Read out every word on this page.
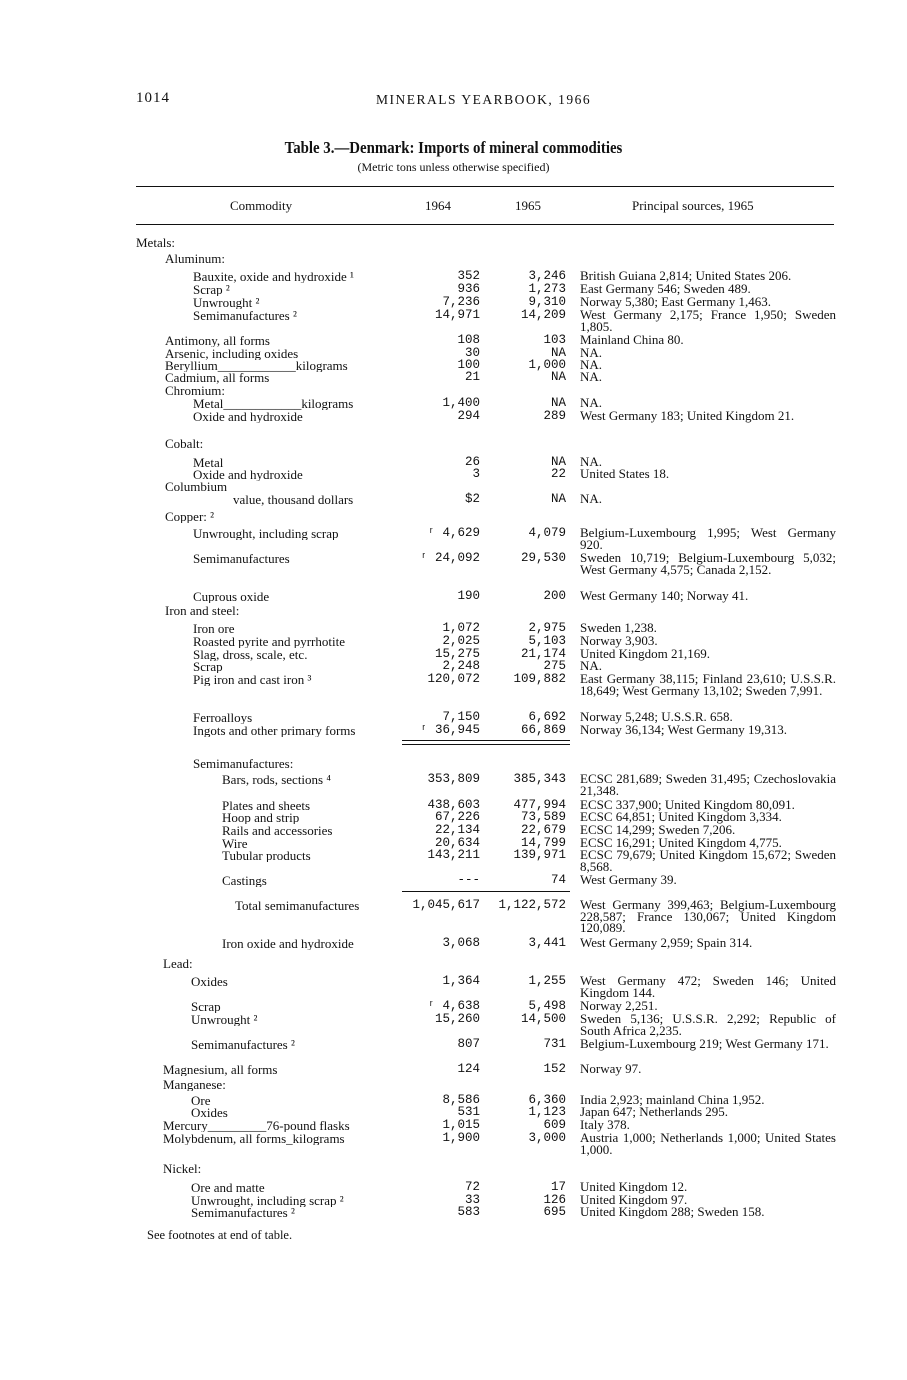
1014	MINERALS YEARBOOK, 1966
Table 3.—Denmark: Imports of mineral commodities
(Metric tons unless otherwise specified)
Commodity	1964	1965	Principal sources, 1965
Metals:
Aluminum:
Bauxite, oxide and hydroxide ¹	352	3,246 British Guiana 2,814; United States 206.
Scrap ²	936	1,273 East Germany 546; Sweden 489.
Unwrought ²	7,236	9,310 Norway 5,380; East Germany 1,463.
Semimanufactures ²	14,971	14,209 West Germany 2,175; France 1,950; Sweden 1,805.
Antimony, all forms	108	103 Mainland China 80.
Arsenic, including oxides	30	NA NA.
Beryllium____________kilograms	100	1,000 NA.
Cadmium, all forms	21	NA NA.
Chromium:
Metal____________kilograms	1,400	NA NA.
Oxide and hydroxide	294	289 West Germany 183; United Kingdom 21.
Cobalt:
Metal	26	NA NA.
Oxide and hydroxide	3	22 United States 18.
Columbium
value, thousand dollars	$2	NA NA.
Copper: ²
Unwrought, including scrap	ʳ 4,629	4,079 Belgium-Luxembourg 1,995; West Germany 920.
Semimanufactures	ʳ 24,092	29,530 Sweden 10,719; Belgium-Luxembourg 5,032; West Germany 4,575; Canada 2,152.
Cuprous oxide	190	200 West Germany 140; Norway 41.
Iron and steel:
Iron ore	1,072	2,975 Sweden 1,238.
Roasted pyrite and pyrrhotite	2,025	5,103 Norway 3,903.
Slag, dross, scale, etc.	15,275	21,174 United Kingdom 21,169.
Scrap	2,248	275 NA.
Pig iron and cast iron ³	120,072	109,882 East Germany 38,115; Finland 23,610; U.S.S.R. 18,649; West Germany 13,102; Sweden 7,991.
Ferroalloys	7,150	6,692 Norway 5,248; U.S.S.R. 658.
Ingots and other primary forms	ʳ 36,945	66,869 Norway 36,134; West Germany 19,313.
Semimanufactures:
Bars, rods, sections ⁴	353,809	385,343 ECSC 281,689; Sweden 31,495; Czechoslovakia 21,348.
Plates and sheets	438,603	477,994 ECSC 337,900; United Kingdom 80,091.
Hoop and strip	67,226	73,589 ECSC 64,851; United Kingdom 3,334.
Rails and accessories	22,134	22,679 ECSC 14,299; Sweden 7,206.
Wire	20,634	14,799 ECSC 16,291; United Kingdom 4,775.
Tubular products	143,211	139,971 ECSC 79,679; United Kingdom 15,672; Sweden 8,568.
Castings	---	74 West Germany 39.
Total semimanufactures	1,045,617	1,122,572 West Germany 399,463; Belgium-Luxembourg 228,587; France 130,067; United Kingdom 120,089.
Iron oxide and hydroxide	3,068	3,441 West Germany 2,959; Spain 314.
Lead:
Oxides	1,364	1,255 West Germany 472; Sweden 146; United Kingdom 144.
Scrap	ʳ 4,638	5,498 Norway 2,251.
Unwrought ²	15,260	14,500 Sweden 5,136; U.S.S.R. 2,292; Republic of South Africa 2,235.
Semimanufactures ²	807	731 Belgium-Luxembourg 219; West Germany 171.
Magnesium, all forms	124	152 Norway 97.
Manganese:
Ore	8,586	6,360 India 2,923; mainland China 1,952.
Oxides	531	1,123 Japan 647; Netherlands 295.
Mercury_________76-pound flasks	1,015	609 Italy 378.
Molybdenum, all forms_kilograms	1,900	3,000 Austria 1,000; Netherlands 1,000; United States 1,000.
Nickel:
Ore and matte	72	17 United Kingdom 12.
Unwrought, including scrap ²	33	126 United Kingdom 97.
Semimanufactures ²	583	695 United Kingdom 288; Sweden 158.
See footnotes at end of table.
